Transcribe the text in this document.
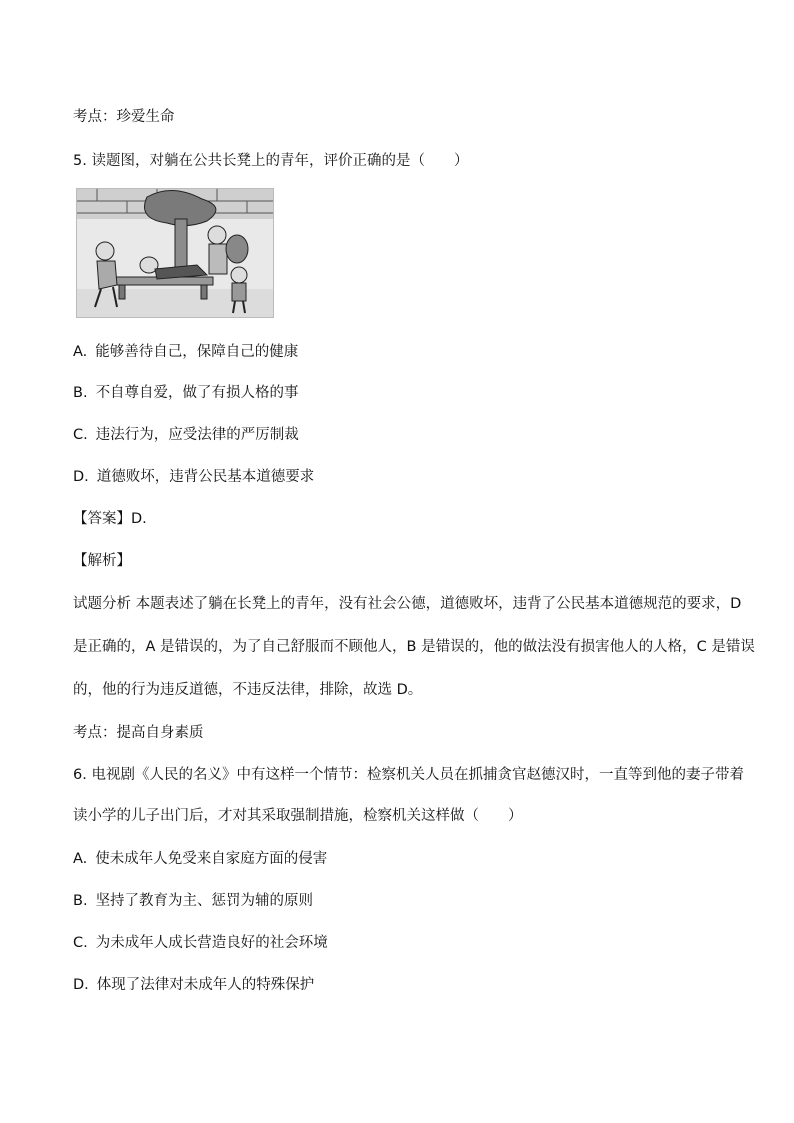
考点：珍爱生命
5. 读题图，对躺在公共长凳上的青年，评价正确的是（　　）
A. 能够善待自己，保障自己的健康
B. 不自尊自爱，做了有损人格的事
C. 违法行为，应受法律的严厉制裁
D. 道德败坏，违背公民基本道德要求
【答案】D.
【解析】
试题分析 本题表述了躺在长凳上的青年，没有社会公德，道德败坏，违背了公民基本道德规范的要求，D
是正确的，A 是错误的，为了自己舒服而不顾他人，B 是错误的，他的做法没有损害他人的人格，C 是错误
的，他的行为违反道德，不违反法律，排除，故选 D。
考点：提高自身素质
6. 电视剧《人民的名义》中有这样一个情节：检察机关人员在抓捕贪官赵德汉时，一直等到他的妻子带着
读小学的儿子出门后，才对其采取强制措施，检察机关这样做（　　）
A. 使未成年人免受来自家庭方面的侵害
B. 坚持了教育为主、惩罚为辅的原则
C. 为未成年人成长营造良好的社会环境
D. 体现了法律对未成年人的特殊保护
